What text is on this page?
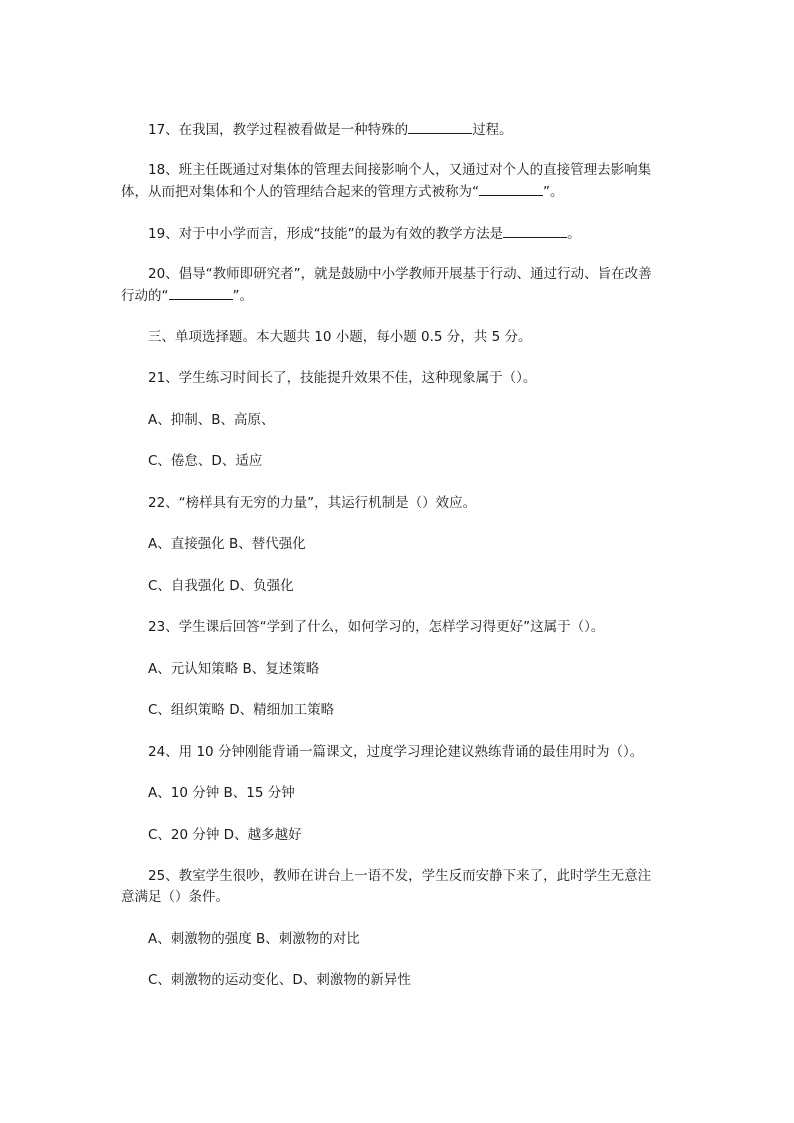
17、在我国，教学过程被看做是一种特殊的	过程。
18、班主任既通过对集体的管理去间接影响个人，又通过对个人的直接管理去影响集
体，从而把对集体和个人的管理结合起来的管理方式被称为“	”。
19、对于中小学而言，形成“技能”的最为有效的教学方法是	。
20、倡导“教师即研究者”，就是鼓励中小学教师开展基于行动、通过行动、旨在改善
行动的“	”。
三、单项选择题。本大题共 10 小题，每小题 0.5 分，共 5 分。
21、学生练习时间长了，技能提升效果不佳，这种现象属于（）。
A、抑制、B、高原、
C、倦怠、D、适应
22、“榜样具有无穷的力量”，其运行机制是（）效应。
A、直接强化 B、替代强化
C、自我强化 D、负强化
23、学生课后回答“学到了什么，如何学习的，怎样学习得更好”这属于（）。
A、元认知策略 B、复述策略
C、组织策略 D、精细加工策略
24、用 10 分钟刚能背诵一篇课文，过度学习理论建议熟练背诵的最佳用时为（）。
A、10 分钟 B、15 分钟
C、20 分钟 D、越多越好
25、教室学生很吵，教师在讲台上一语不发，学生反而安静下来了，此时学生无意注
意满足（）条件。
A、刺激物的强度 B、刺激物的对比
C、刺激物的运动变化、D、刺激物的新异性
